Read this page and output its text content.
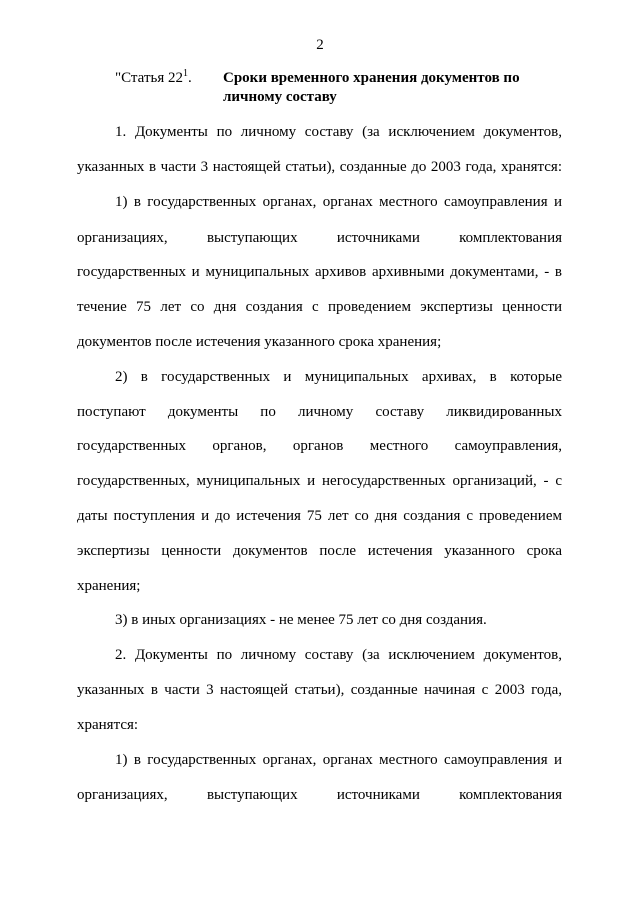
2
"Статья $22^1$. Сроки временного хранения документов по личному составу
1. Документы по личному составу (за исключением документов,
указанных в части 3 настоящей статьи), созданные до 2003 года, хранятся:
1) в государственных органах, органах местного самоуправления и
организациях, выступающих источниками комплектования
государственных и муниципальных архивов архивными документами, - в
течение 75 лет со дня создания с проведением экспертизы ценности
документов после истечения указанного срока хранения;
2) в государственных и муниципальных архивах, в которые
поступают документы по личному составу ликвидированных
государственных органов, органов местного самоуправления,
государственных, муниципальных и негосударственных организаций, - с
даты поступления и до истечения 75 лет со дня создания с проведением
экспертизы ценности документов после истечения указанного срока
хранения;
3) в иных организациях - не менее 75 лет со дня создания.
2. Документы по личному составу (за исключением документов,
указанных в части 3 настоящей статьи), созданные начиная с 2003 года,
хранятся:
1) в государственных органах, органах местного самоуправления и
организациях, выступающих источниками комплектования
